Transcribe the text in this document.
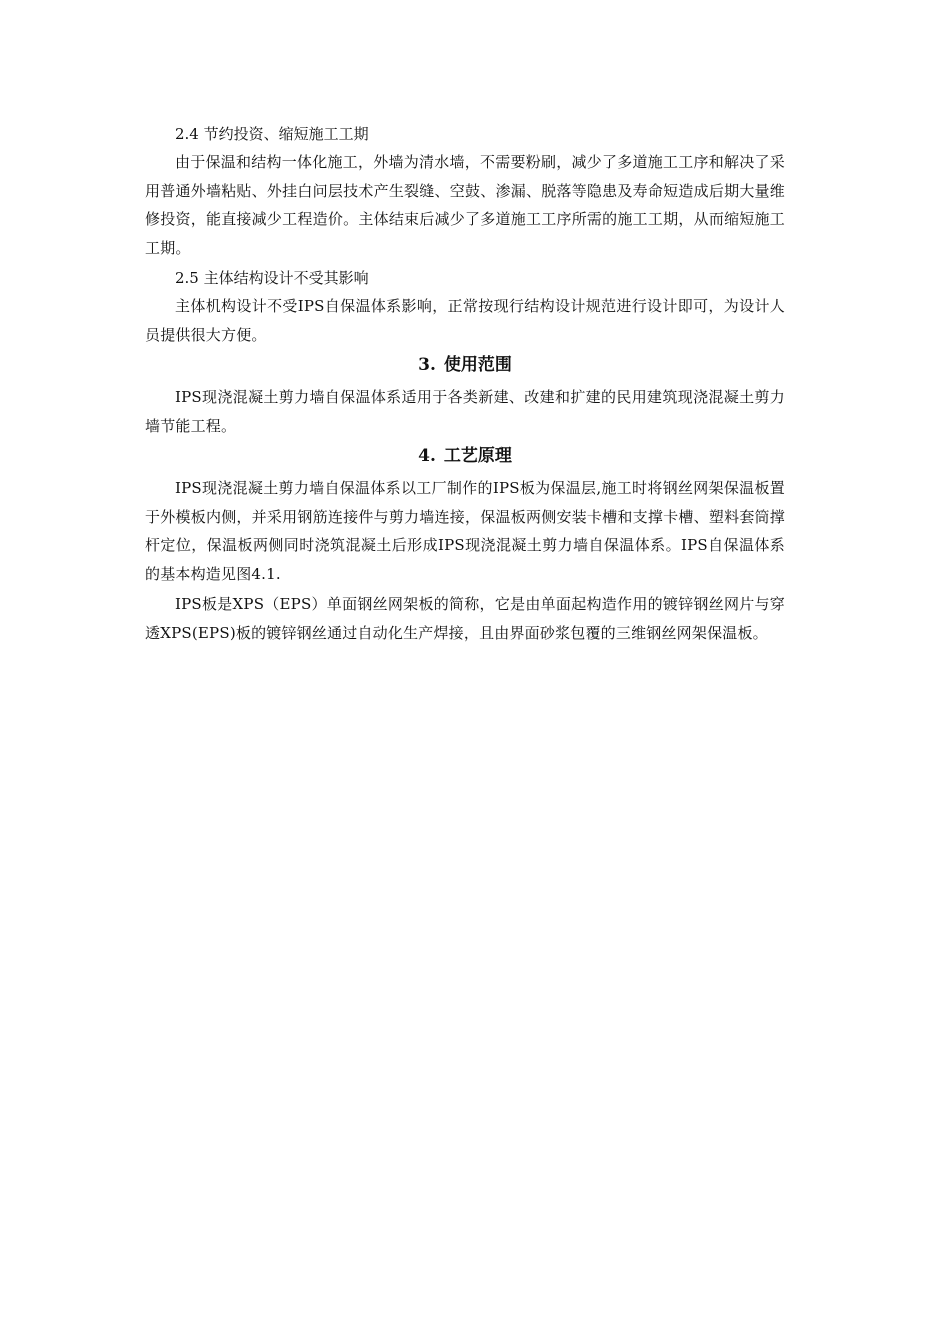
2.4 节约投资、缩短施工工期

由于保温和结构一体化施工，外墙为清水墙，不需要粉刷，减少了多道施工工序和解决了采用普通外墙粘贴、外挂白问层技术产生裂缝、空鼓、渗漏、脱落等隐患及寿命短造成后期大量维修投资，能直接减少工程造价。主体结束后减少了多道施工工序所需的施工工期，从而缩短施工工期。

2.5 主体结构设计不受其影响

主体机构设计不受IPS自保温体系影响，正常按现行结构设计规范进行设计即可，为设计人员提供很大方便。

3. 使用范围

IPS现浇混凝土剪力墙自保温体系适用于各类新建、改建和扩建的民用建筑现浇混凝土剪力墙节能工程。

4. 工艺原理

IPS现浇混凝土剪力墙自保温体系以工厂制作的IPS板为保温层,施工时将钢丝网架保温板置于外模板内侧，并采用钢筋连接件与剪力墙连接，保温板两侧安装卡槽和支撑卡槽、塑料套筒撑杆定位，保温板两侧同时浇筑混凝土后形成IPS现浇混凝土剪力墙自保温体系。IPS自保温体系的基本构造见图4.1.

IPS板是XPS（EPS）单面钢丝网架板的简称，它是由单面起构造作用的镀锌钢丝网片与穿透XPS(EPS)板的镀锌钢丝通过自动化生产焊接，且由界面砂浆包覆的三维钢丝网架保温板。
